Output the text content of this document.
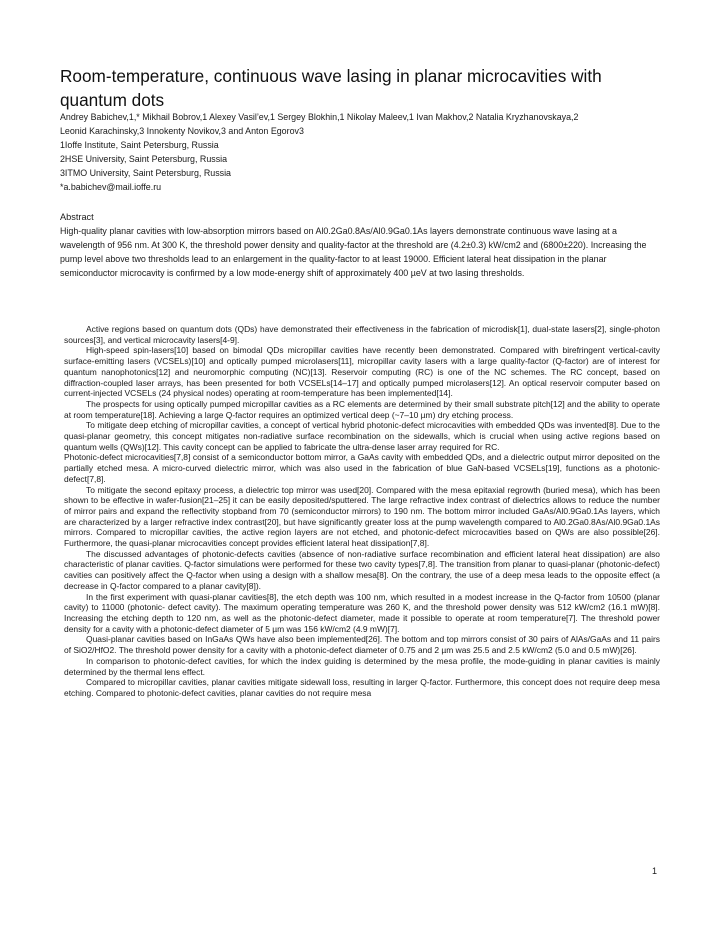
Room-temperature, continuous wave lasing in planar microcavities with quantum dots
Andrey Babichev,1,* Mikhail Bobrov,1 Alexey Vasil’ev,1 Sergey Blokhin,1 Nikolay Maleev,1 Ivan Makhov,2 Natalia Kryzhanovskaya,2
Leonid Karachinsky,3 Innokenty Novikov,3 and Anton Egorov3
1Ioffe Institute, Saint Petersburg, Russia
2HSE University, Saint Petersburg, Russia
3ITMO University, Saint Petersburg, Russia
*a.babichev@mail.ioffe.ru
Abstract
High-quality planar cavities with low-absorption mirrors based on Al0.2Ga0.8As/Al0.9Ga0.1As layers demonstrate continuous wave lasing at a wavelength of 956 nm. At 300 K, the threshold power density and quality-factor at the threshold are (4.2±0.3) kW/cm2 and (6800±220). Increasing the pump level above two thresholds lead to an enlargement in the quality-factor to at least 19000. Efficient lateral heat dissipation in the planar semiconductor microcavity is confirmed by a low mode-energy shift of approximately 400 µeV at two lasing thresholds.

Active regions based on quantum dots (QDs) have demonstrated their effectiveness in the fabrication of microdisk[1], dual-state lasers[2], single-photon sources[3], and vertical microcavity lasers[4-9].

High-speed spin-lasers[10] based on bimodal QDs micropillar cavities have recently been demonstrated. Compared with birefringent vertical-cavity surface-emitting lasers (VCSELs)[10] and optically pumped microlasers[11], micropillar cavity lasers with a large quality-factor (Q-factor) are of interest for quantum nanophotonics[12] and neuromorphic computing (NC)[13]. Reservoir computing (RC) is one of the NC schemes. The RC concept, based on diffraction-coupled laser arrays, has been presented for both VCSELs[14–17] and optically pumped microlasers[12]. An optical reservoir computer based on current-injected VCSELs (24 physical nodes) operating at room-temperature has been implemented[14].

The prospects for using optically pumped micropillar cavities as a RC elements are determined by their small substrate pitch[12] and the ability to operate at room temperature[18]. Achieving a large Q-factor requires an optimized vertical deep (~7–10 µm) dry etching process.

To mitigate deep etching of micropillar cavities, a concept of vertical hybrid photonic-defect microcavities with embedded QDs was invented[8]. Due to the quasi-planar geometry, this concept mitigates non-radiative surface recombination on the sidewalls, which is crucial when using active regions based on quantum wells (QWs)[12]. This cavity concept can be applied to fabricate the ultra-dense laser array required for RC.

Photonic-defect microcavities[7,8] consist of a semiconductor bottom mirror, a GaAs cavity with embedded QDs, and a dielectric output mirror deposited on the partially etched mesa. A micro-curved dielectric mirror, which was also used in the fabrication of blue GaN-based VCSELs[19], functions as a photonic-defect[7,8].

To mitigate the second epitaxy process, a dielectric top mirror was used[20]. Compared with the mesa epitaxial regrowth (buried mesa), which has been shown to be effective in wafer-fusion[21–25] it can be easily deposited/sputtered. The large refractive index contrast of dielectrics allows to reduce the number of mirror pairs and expand the reflectivity stopband from 70 (semiconductor mirrors) to 190 nm. The bottom mirror included GaAs/Al0.9Ga0.1As layers, which are characterized by a larger refractive index contrast[20], but have significantly greater loss at the pump wavelength compared to Al0.2Ga0.8As/Al0.9Ga0.1As mirrors. Compared to micropillar cavities, the active region layers are not etched, and photonic-defect microcavities based on QWs are also possible[26]. Furthermore, the quasi-planar microcavities concept provides efficient lateral heat dissipation[7,8].

The discussed advantages of photonic-defects cavities (absence of non-radiative surface recombination and efficient lateral heat dissipation) are also characteristic of planar cavities. Q-factor simulations were performed for these two cavity types[7,8]. The transition from planar to quasi-planar (photonic-defect) cavities can positively affect the Q-factor when using a design with a shallow mesa[8]. On the contrary, the use of a deep mesa leads to the opposite effect (a decrease in Q-factor compared to a planar cavity[8]).

In the first experiment with quasi-planar cavities[8], the etch depth was 100 nm, which resulted in a modest increase in the Q-factor from 10500 (planar cavity) to 11000 (photonic- defect cavity). The maximum operating temperature was 260 K, and the threshold power density was 512 kW/cm2 (16.1 mW)[8]. Increasing the etching depth to 120 nm, as well as the photonic-defect diameter, made it possible to operate at room temperature[7]. The threshold power density for a cavity with a photonic-defect diameter of 5 µm was 156 kW/cm2 (4.9 mW)[7].

Quasi-planar cavities based on InGaAs QWs have also been implemented[26]. The bottom and top mirrors consist of 30 pairs of AlAs/GaAs and 11 pairs of SiO2/HfO2. The threshold power density for a cavity with a photonic-defect diameter of 0.75 and 2 µm was 25.5 and 2.5 kW/cm2 (5.0 and 0.5 mW)[26].

In comparison to photonic-defect cavities, for which the index guiding is determined by the mesa profile, the mode-guiding in planar cavities is mainly determined by the thermal lens effect.

Compared to micropillar cavities, planar cavities mitigate sidewall loss, resulting in larger Q-factor. Furthermore, this concept does not require deep mesa etching. Compared to photonic-defect cavities, planar cavities do not require mesa

1
